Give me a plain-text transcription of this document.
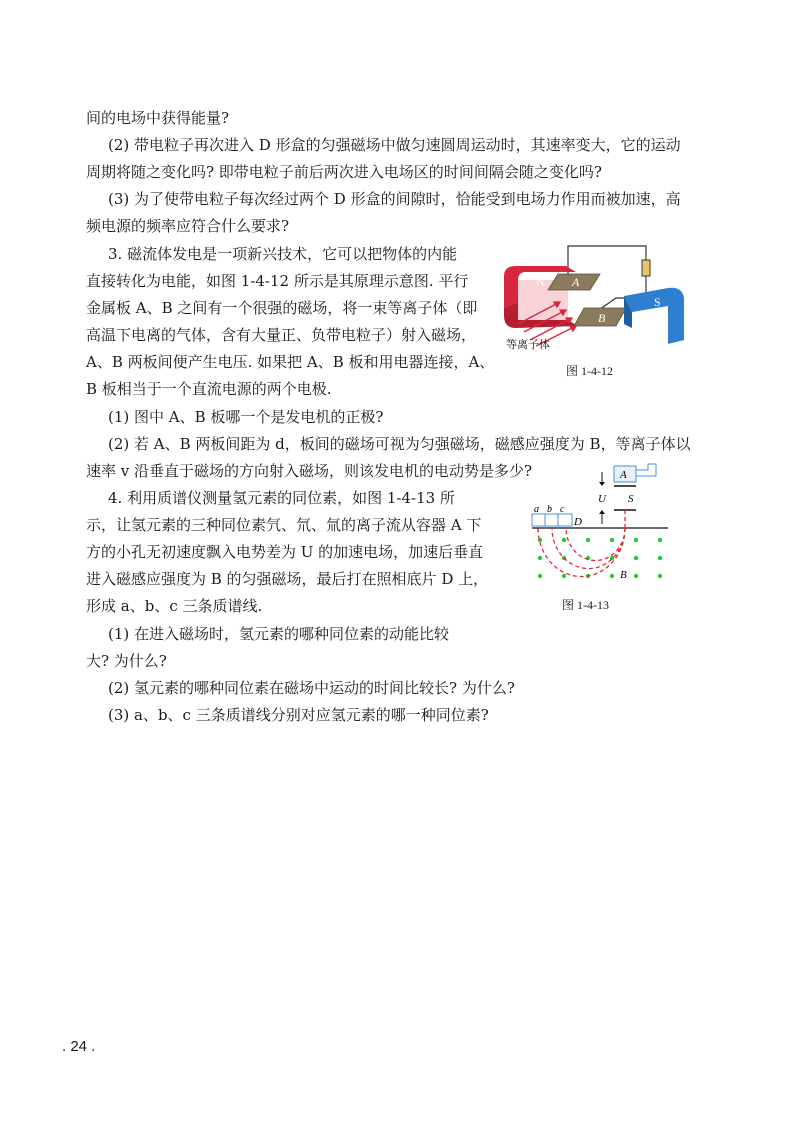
间的电场中获得能量?
(2) 带电粒子再次进入 D 形盒的匀强磁场中做匀速圆周运动时，其速率变大，它的运动
周期将随之变化吗? 即带电粒子前后两次进入电场区的时间间隔会随之变化吗?
(3) 为了使带电粒子每次经过两个 D 形盒的间隙时，恰能受到电场力作用而被加速，高
频电源的频率应符合什么要求?
3. 磁流体发电是一项新兴技术，它可以把物体的内能
直接转化为电能，如图 1-4-12 所示是其原理示意图. 平行
金属板 A、B 之间有一个很强的磁场，将一束等离子体（即
高温下电离的气体，含有大量正、负带电粒子）射入磁场，
A、B 两板间便产生电压. 如果把 A、B 板和用电器连接，A、
B 板相当于一个直流电源的两个电极.
(1) 图中 A、B 板哪一个是发电机的正极?
(2) 若 A、B 两板间距为 d，板间的磁场可视为匀强磁场，磁感应强度为 B，等离子体以
速率 v 沿垂直于磁场的方向射入磁场，则该发电机的电动势是多少?
4. 利用质谱仪测量氢元素的同位素，如图 1-4-13 所
示，让氢元素的三种同位素氕、氘、氚的离子流从容器 A 下
方的小孔无初速度飘入电势差为 U 的加速电场，加速后垂直
进入磁感应强度为 B 的匀强磁场，最后打在照相底片 D 上，
形成 a、b、c 三条质谱线.
(1) 在进入磁场时，氢元素的哪种同位素的动能比较
大? 为什么?
(2) 氢元素的哪种同位素在磁场中运动的时间比较长? 为什么?
(3) a、b、c 三条质谱线分别对应氢元素的哪一种同位素?
N A
B
S
等离子体
图 1-4-12
A
U S
a b c
D
B
图 1-4-13
. 24 .
